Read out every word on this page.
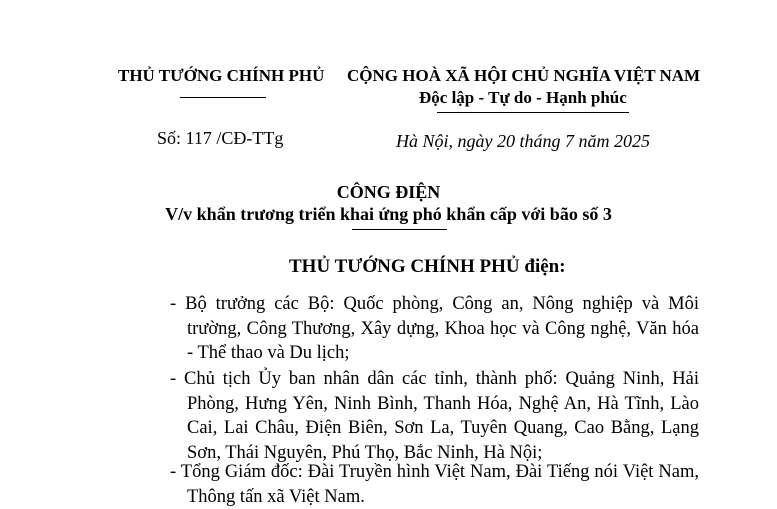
THỦ TƯỚNG CHÍNH PHỦ CỘNG HOÀ XÃ HỘI CHỦ NGHĨA VIỆT NAM
Độc lập - Tự do - Hạnh phúc
Số: 117 /CĐ-TTg	Hà Nội, ngày 20 tháng 7 năm 2025
CÔNG ĐIỆN
V/v khẩn trương triển khai ứng phó khẩn cấp với bão số 3
THỦ TƯỚNG CHÍNH PHỦ điện:
- Bộ trưởng các Bộ: Quốc phòng, Công an, Nông nghiệp và Môi trường, Công Thương, Xây dựng, Khoa học và Công nghệ, Văn hóa - Thể thao và Du lịch;
- Chủ tịch Ủy ban nhân dân các tỉnh, thành phố: Quảng Ninh, Hải Phòng, Hưng Yên, Ninh Bình, Thanh Hóa, Nghệ An, Hà Tĩnh, Lào Cai, Lai Châu, Điện Biên, Sơn La, Tuyên Quang, Cao Bằng, Lạng Sơn, Thái Nguyên, Phú Thọ, Bắc Ninh, Hà Nội;
- Tổng Giám đốc: Đài Truyền hình Việt Nam, Đài Tiếng nói Việt Nam, Thông tấn xã Việt Nam.
